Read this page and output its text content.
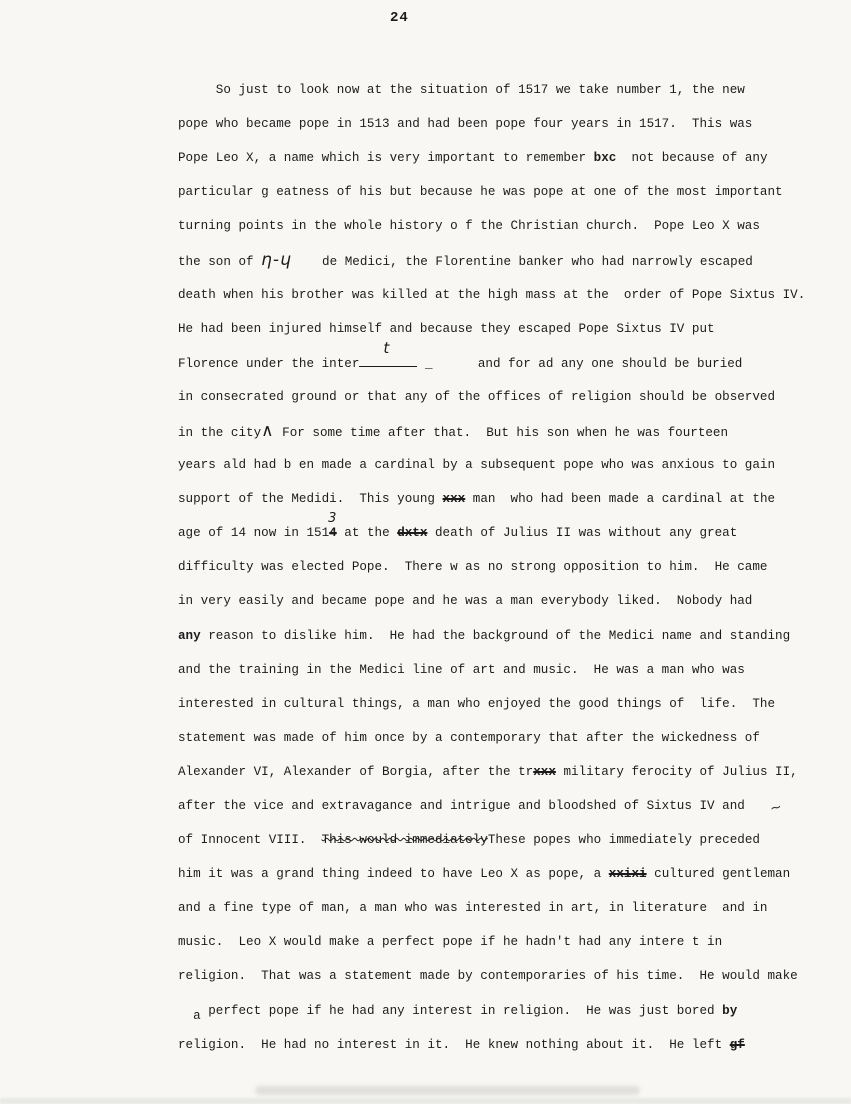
24
So just to look now at the situation of 1517 we take number 1, the new
pope who became pope in 1513 and had been pope four years in 1517.  This was
Pope Leo X, a name which is very important to remember bxc  not because of any
particular g eatness of his but because he was pope at one of the most important
turning points in the whole history o f the Christian church.  Pope Leo X was
the son of η-ɥ    de Medici, the Florentine banker who had narrowly escaped
death when his brother was killed at the high mass at the  order of Pope Sixtus IV.
He had been injured himself and because they escaped Pope Sixtus IV put
Florence under the inter
t
_      and for ad any one should be buried
in consecrated ground or that any of the offices of religion should be observed
in the city∧ For some time after that.  But his son when he was fourteen
years ald had b en made a cardinal by a subsequent pope who was anxious to gain
support of the Medidi.  This young xxx man  who had been made a cardinal at the
age of 14 now in 1514
3
at the dxtx death of Julius II was without any great
difficulty was elected Pope.  There w as no strong opposition to him.  He came
in very easily and became pope and he was a man everybody liked.  Nobody had
any reason to dislike him.  He had the background of the Medici name and standing
and the training in the Medici line of art and music.  He was a man who was
interested in cultural things, a man who enjoyed the good things of  life.  The
statement was made of him once by a contemporary that after the wickedness of
Alexander VI, Alexander of Borgia, after the trxxx military ferocity of Julius II,
after the vice and extravagance and intrigue and bloodshed of Sixtus IV and
of Innocent VIII.  This would immediatelyThese popes who immediately preceded
him it was a grand thing indeed to have Leo X as pope, a xxixi cultured gentleman
and a fine type of man, a man who was interested in art, in literature  and in
music.  Leo X would make a perfect pope if he hadn't had any intere t in
religion.  That was a statement made by contemporaries of his time.  He would make
a perfect pope if he had any interest in religion.  He was just bored by
religion.  He had no interest in it.  He knew nothing about it.  He left gf
∼
